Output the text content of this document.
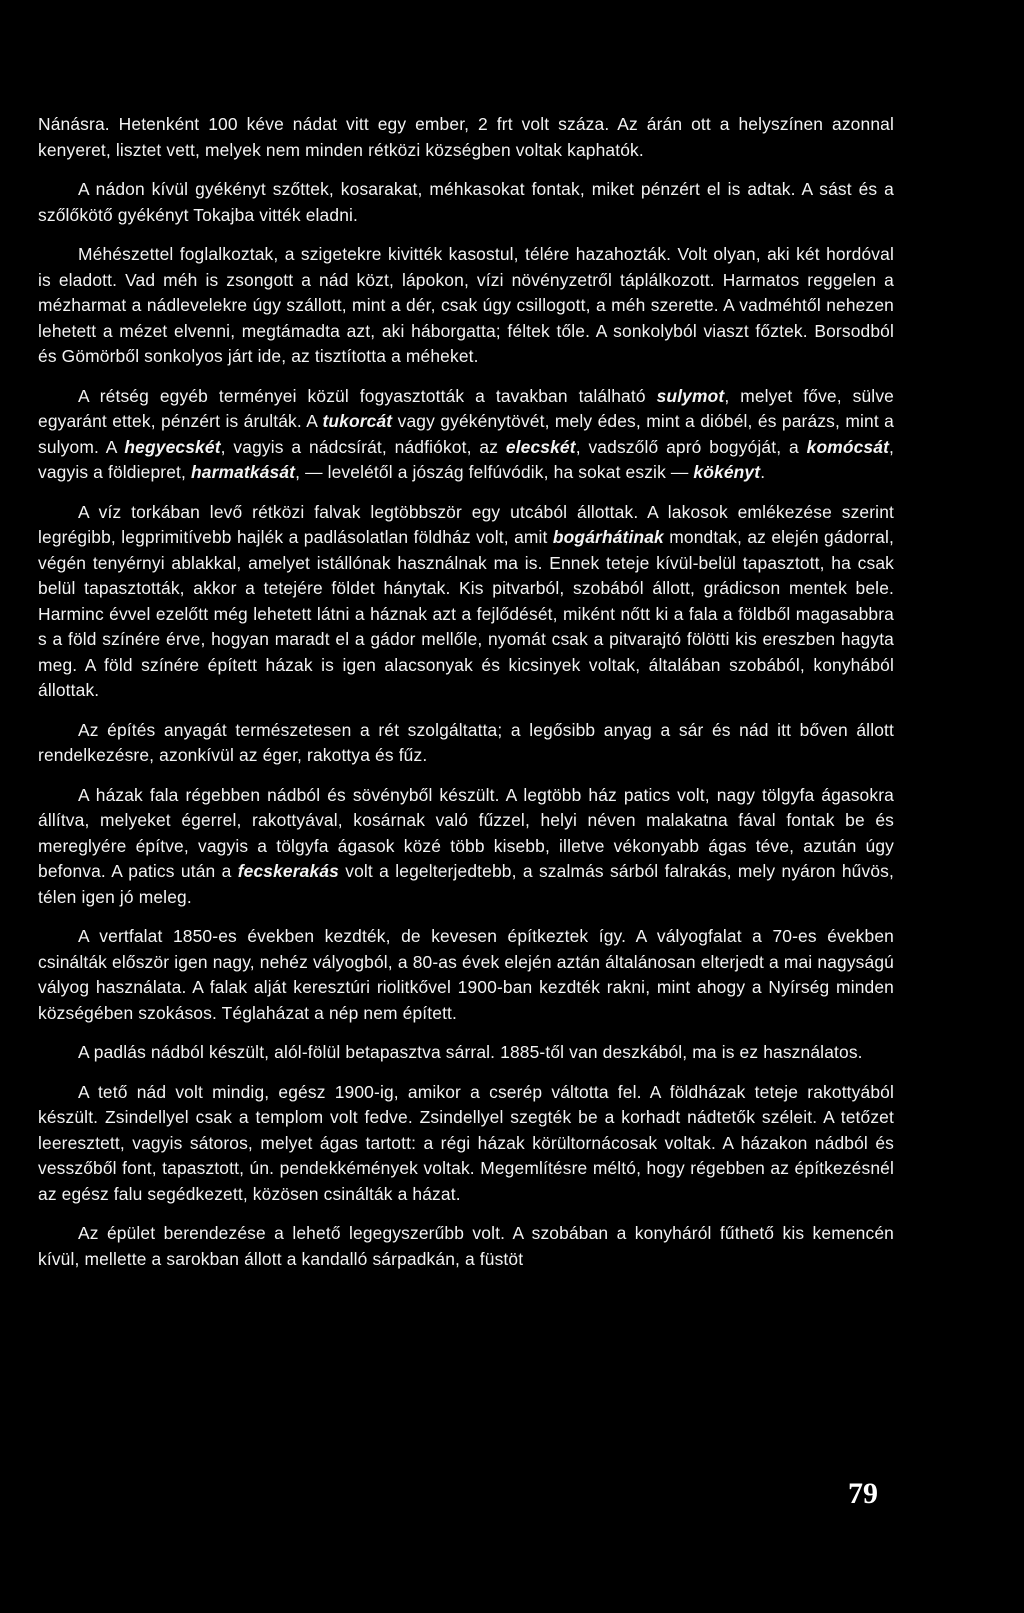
Nánásra. Hetenként 100 kéve nádat vitt egy ember, 2 frt volt száza. Az árán ott a helyszínen azonnal kenyeret, lisztet vett, melyek nem minden rétközi községben voltak kaphatók.

A nádon kívül gyékényt szőttek, kosarakat, méhkasokat fontak, miket pénzért el is adtak. A sást és a szőlőkötő gyékényt Tokajba vitték eladni.

Méhészettel foglalkoztak, a szigetekre kivitték kasostul, télére hazahozták. Volt olyan, aki két hordóval is eladott. Vad méh is zsongott a nád közt, lápokon, vízi növényzetről táplálkozott. Harmatos reggelen a mézharmat a nádlevelekre úgy szállott, mint a dér, csak úgy csillogott, a méh szerette. A vadméhtől nehezen lehetett a mézet elvenni, megtámadta azt, aki háborgatta; féltek tőle. A sonkolyból viaszt főztek. Borsodból és Gömörből sonkolyos járt ide, az tisztította a méheket.

A rétség egyéb terményei közül fogyasztották a tavakban található sulymot, melyet főve, sülve egyaránt ettek, pénzért is árulták. A tukorcát vagy gyékénytövét, mely édes, mint a dióbél, és parázs, mint a sulyom. A hegyecskét, vagyis a nádcsírát, nádfiókot, az elecskét, vadszőlő apró bogyóját, a komócsát, vagyis a földiepret, harmatkását, — levelétől a jószág felfúvódik, ha sokat eszik — kökényt.

A víz torkában levő rétközi falvak legtöbbször egy utcából állottak. A lakosok emlékezése szerint legrégibb, legprimitívebb hajlék a padlásolatlan földház volt, amit bogárhátinak mondtak, az elején gádorral, végén tenyérnyi ablakkal, amelyet istállónak használnak ma is. Ennek teteje kívül-belül tapasztott, ha csak belül tapasztották, akkor a tetejére földet hánytak. Kis pitvarból, szobából állott, grádicson mentek bele. Harminc évvel ezelőtt még lehetett látni a háznak azt a fejlődését, miként nőtt ki a fala a földből magasabbra s a föld színére érve, hogyan maradt el a gádor mellőle, nyomát csak a pitvarajtó fölötti kis ereszben hagyta meg. A föld színére épített házak is igen alacsonyak és kicsinyek voltak, általában szobából, konyhából állottak.

Az építés anyagát természetesen a rét szolgáltatta; a legősibb anyag a sár és nád itt bőven állott rendelkezésre, azonkívül az éger, rakottya és fűz.

A házak fala régebben nádból és sövényből készült. A legtöbb ház patics volt, nagy tölgyfa ágasokra állítva, melyeket égerrel, rakottyával, kosárnak való fűzzel, helyi néven malakatna fával fontak be és mereglyére építve, vagyis a tölgyfa ágasok közé több kisebb, illetve vékonyabb ágas téve, azután úgy befonva. A patics után a fecskerakás volt a legelterjedtebb, a szalmás sárból falrakás, mely nyáron hűvös, télen igen jó meleg.

A vertfalat 1850-es években kezdték, de kevesen építkeztek így. A vályogfalat a 70-es években csinálták először igen nagy, nehéz vályogból, a 80-as évek elején aztán általánosan elterjedt a mai nagyságú vályog használata. A falak alját keresztúri riolitkővel 1900-ban kezdték rakni, mint ahogy a Nyírség minden községében szokásos. Téglaházat a nép nem épített.

A padlás nádból készült, alól-fölül betapasztva sárral. 1885-től van deszkából, ma is ez használatos.

A tető nád volt mindig, egész 1900-ig, amikor a cserép váltotta fel. A földházak teteje rakottyából készült. Zsindellyel csak a templom volt fedve. Zsindellyel szegték be a korhadt nádtetők széleit. A tetőzet leeresztett, vagyis sátoros, melyet ágas tartott: a régi házak körültornácosak voltak. A házakon nádból és vesszőből font, tapasztott, ún. pendekkémények voltak. Megemlítésre méltó, hogy régebben az építkezésnél az egész falu segédkezett, közösen csinálták a házat.

Az épület berendezése a lehető legegyszerűbb volt. A szobában a konyháról fűthető kis kemencén kívül, mellette a sarokban állott a kandalló sárpadkán, a füstöt

79
